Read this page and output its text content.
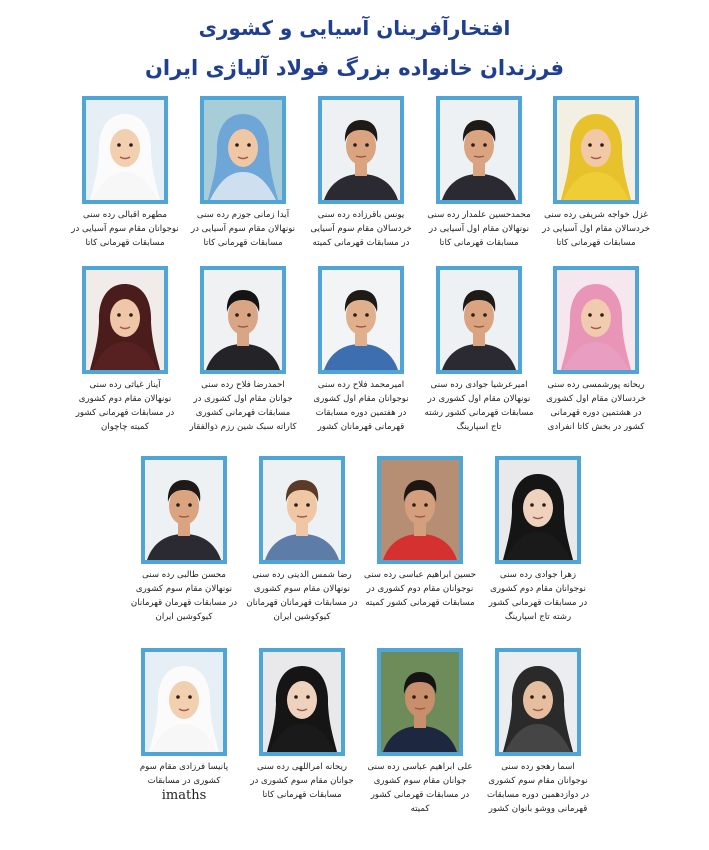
افتخارآفرینان آسیایی و کشوری
فرزندان خانواده بزرگ فولاد آلیاژی ایران
غزل خواجه شریفی رده سنی
خردسالان مقام اول آسیایی در
مسابقات قهرمانی کاتا
محمدحسین علمدار رده سنی
نونهالان مقام اول آسیایی در
مسابقات قهرمانی کاتا
یونس باقرزاده رده سنی
خردسالان مقام سوم آسیایی
در مسابقات قهرمانی کمیته
آیدا زمانی جوزم رده سنی
نونهالان مقام سوم آسیایی در
مسابقات قهرمانی کاتا
مطهره اقبالی رده سنی
نوجوانان مقام سوم آسیایی در
مسابقات قهرمانی کاتا
ریحانه پورشمسی رده سنی
خردسالان مقام اول کشوری
در هشتمین دوره قهرمانی
کشور در بخش کاتا انفرادی
امیرعرشیا جوادی رده سنی
نونهالان مقام اول کشوری در
مسابقات قهرمانی کشور رشته
تاج اسپارینگ
امیرمحمد فلاح رده سنی
نوجوانان مقام اول کشوری
در هفتمین دوره مسابقات
قهرمانی قهرمانان کشور
احمدرضا فلاح رده سنی
جوانان مقام اول کشوری در
مسابقات قهرمانی کشوری
کاراته سبک شین رزم ذوالفقار
آیناز غیاثی رده سنی
نونهالان مقام دوم کشوری
در مسابقات قهرمانی کشور
کمیته چاچوان
زهرا جوادی رده سنی
نوجوانان مقام دوم کشوری
در مسابقات قهرمانی کشور
رشته تاج اسپارینگ
حسین ابراهیم عباسی رده سنی
نوجوانان مقام دوم کشوری در
مسابقات قهرمانی کشور کمیته
رضا شمس الدینی رده سنی
نونهالان مقام سوم کشوری
در مسابقات قهرمانان قهرمانان
کیوکوشین ایران
محسن طالبی رده سنی
نونهالان مقام سوم کشوری
در مسابقات قهرمان قهرمانان
کیوکوشین ایران
اسما رهجو رده سنی
نوجوانان مقام سوم کشوری
در دوازدهمین دوره مسابقات
قهرمانی ووشو بانوان کشور
علی ابراهیم عباسی رده سنی
جوانان مقام سوم کشوری
در مسابقات قهرمانی کشور
کمیته
ریحانه امراللهی رده سنی
جوانان مقام سوم کشوری در
مسابقات قهرمانی کاتا
پانیسا فرزادی مقام سوم
کشوری در مسابقات
imaths
